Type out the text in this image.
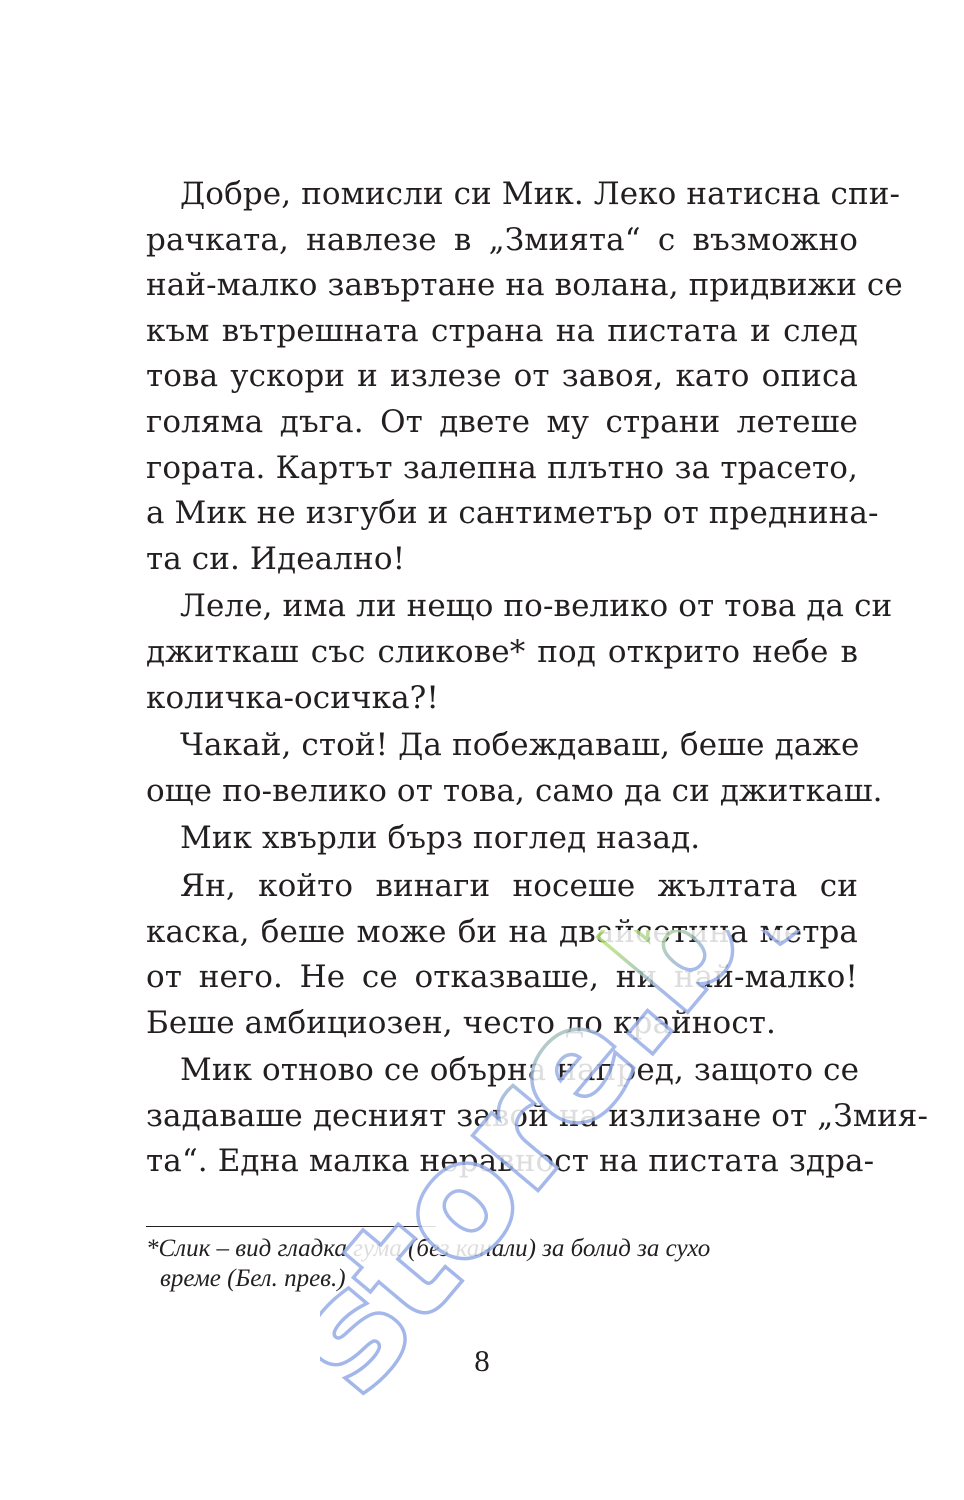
Добре, помисли си Мик. Леко натисна спи-
рачката, навлезе в „Змията“ с възможно
най-малко завъртане на волана, придвижи се
към вътрешната страна на пистата и след
това ускори и излезе от завоя, като описа
голяма дъга. От двете му страни летеше
гората. Картът залепна плътно за трасето,
а Мик не изгуби и сантиметър от преднина-
та си. Идеално!
Леле, има ли нещо по-велико от това да си
джиткаш със сликове* под открито небе в
количка-осичка?!
Чакай, стой! Да побеждаваш, беше даже
още по-велико от това, само да си джиткаш.
Мик хвърли бърз поглед назад.
Ян, който винаги носеше жълтата си
каска, беше може би на двайсетина метра
от него. Не се отказваше, ни най-малко!
Беше амбициозен, често до крайност.
Мик отново се обърна напред, защото се
задаваше десният завой на излизане от „Змия-
та“. Една малка неравност на пистата здра-
*Слик – вид гладка гума (без канали) за болид за сухо
време (Бел. прев.)
8
store.bg
